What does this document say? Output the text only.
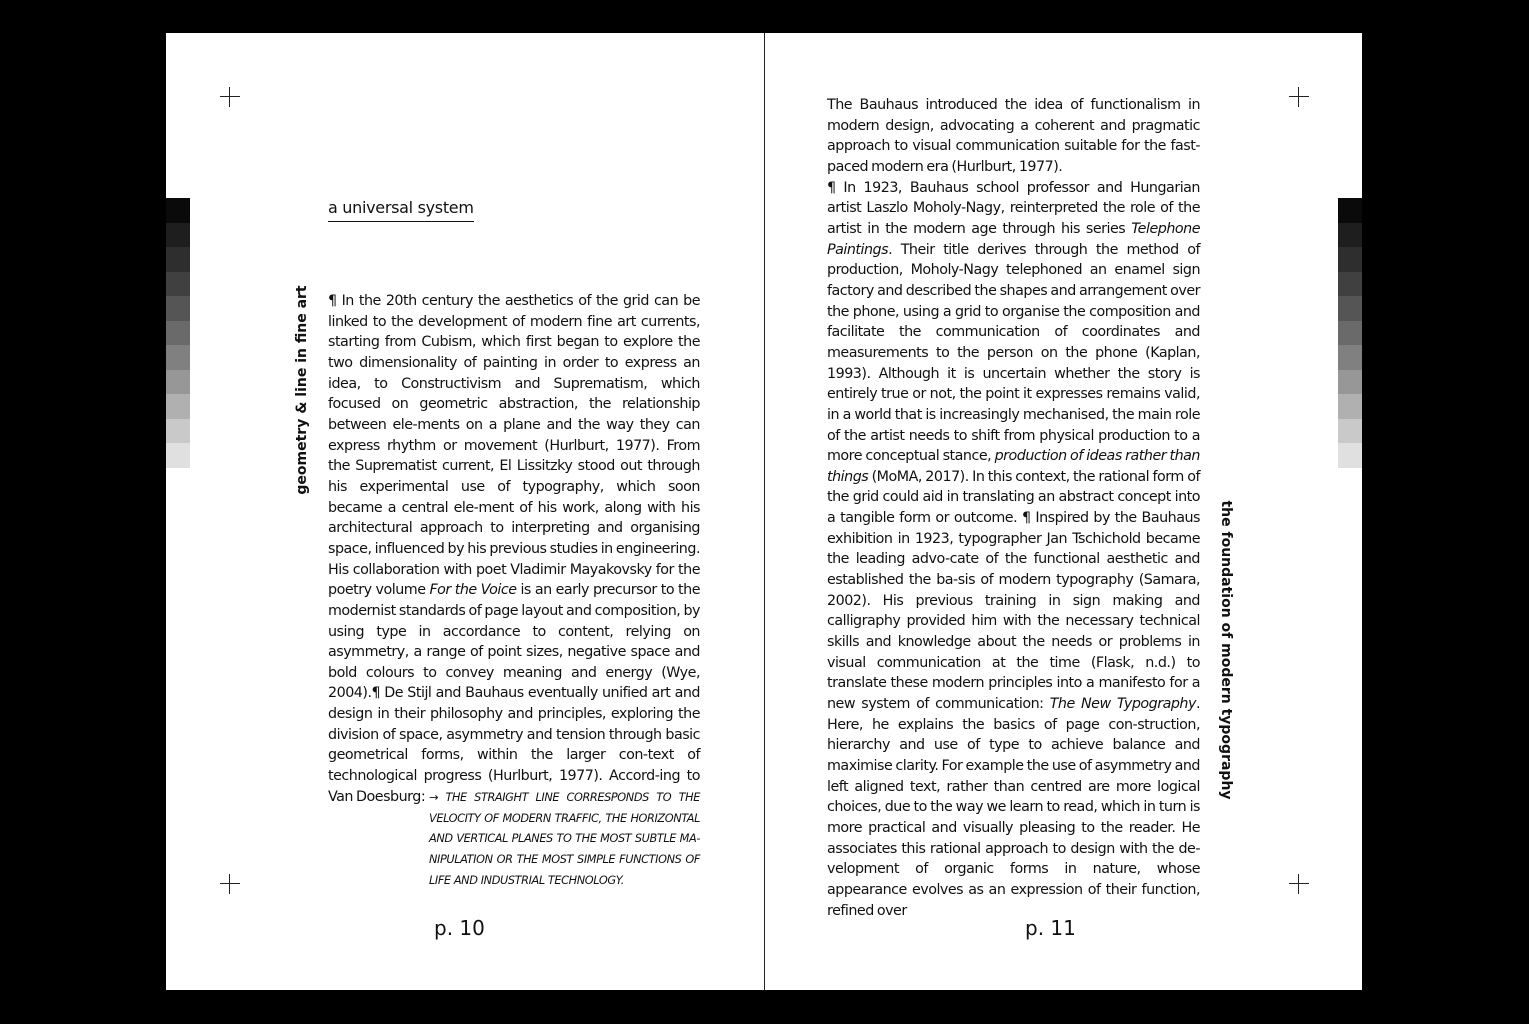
a universal system
geometry & line in fine art ¶ In the 20th century the aesthetics of the grid can be linked to the development of modern fine art currents, starting from Cubism, which first began to explore the two dimensionality of painting in order to express an idea, to Constructivism and Suprematism, which focused on geometric abstraction, the relationship between ele-ments on a plane and the way they can express rhythm or movement (Hurlburt, 1977). From the Suprematist current, El Lissitzky stood out through his experimental use of typography, which soon became a central ele-ment of his work, along with his architectural approach to interpreting and organising space, influenced by his previous studies in engineering. His collaboration with poet Vladimir Mayakovsky for the poetry volume For the Voice is an early precursor to the modernist standards of page layout and composition, by using type in accordance to content, relying on asymmetry, a range of point sizes, negative space and bold colours to convey meaning and energy (Wye, 2004).¶ De Stijl and Bauhaus eventually unified art and design in their philosophy and principles, exploring the division of space, asymmetry and tension through basic geometrical forms, within the larger con-text of technological progress (Hurlburt, 1977). Accord-ing to Van Doesburg: → THE STRAIGHT LINE CORRESPONDS TO THE VELOCITY OF MODERN TRAFFIC, THE HORIZONTAL AND VERTICAL PLANES TO THE MOST SUBTLE MA-NIPULATION OR THE MOST SIMPLE FUNCTIONS OF LIFE AND INDUSTRIAL TECHNOLOGY.
p. 10

The Bauhaus introduced the idea of functionalism in modern design, advocating a coherent and pragmatic approach to visual communication suitable for the fast-paced modern era (Hurlburt, 1977).

¶ In 1923, Bauhaus school professor and Hungarian artist Laszlo Moholy-Nagy, reinterpreted the role of the artist in the modern age through his series Telephone Paintings. Their title derives through the method of production, Moholy-Nagy telephoned an enamel sign factory and described the shapes and arrangement over the phone, using a grid to organise the composition and facilitate the communication of coordinates and measurements to the person on the phone (Kaplan, 1993). Although it is uncertain whether the story is entirely true or not, the point it expresses remains valid, in a world that is increasingly mechanised, the main role of the artist needs to shift from physical production to a more conceptual stance, production of ideas rather than things (MoMA, 2017). In this context, the rational form of the grid could aid in translating an abstract concept into a tangible form or outcome. ¶ Inspired by the Bauhaus exhibition in 1923, typographer Jan Tschichold became the leading advo-cate of the functional aesthetic and established the ba-sis of modern typography (Samara, 2002). His previous training in sign making and calligraphy provided him with the necessary technical skills and knowledge about the needs or problems in visual communication at the time (Flask, n.d.) to translate these modern principles into a manifesto for a new system of communication: The New Typography. Here, he explains the basics of page con-struction, hierarchy and use of type to achieve balance and maximise clarity. For example the use of asymmetry and left aligned text, rather than centred are more logical choices, due to the way we learn to read, which in turn is more practical and visually pleasing to the reader. He associates this rational approach to design with the de-velopment of organic forms in nature, whose appearance evolves as an expression of their function, refined over

the foundation of modern typography
p. 11
